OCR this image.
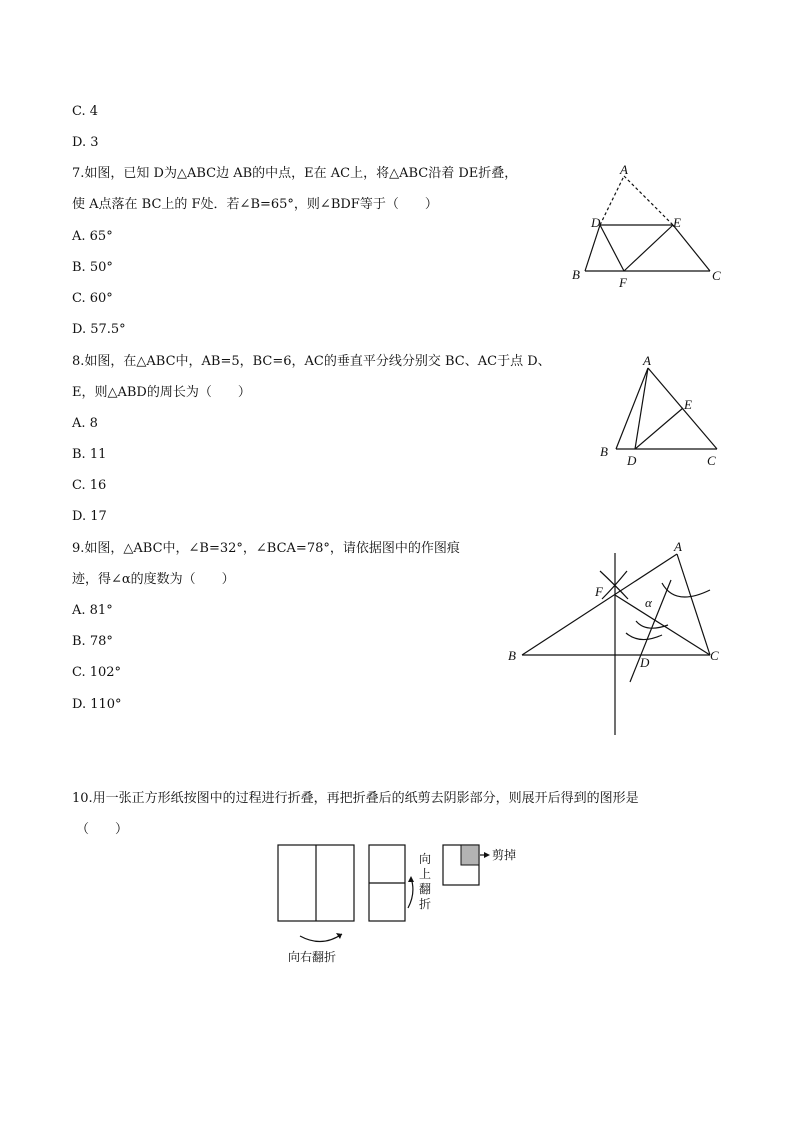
C. 4
D. 3
7.如图，已知 D为△ABC边 AB的中点，E在 AC上，将△ABC沿着 DE折叠，
使 A点落在 BC上的 F处．若∠B=65°，则∠BDF等于（　　）
A. 65°
B. 50°
C. 60°
D. 57.5°
A
D	E
B
F	C
8.如图，在△ABC中，AB=5，BC=6，AC的垂直平分线分别交 BC、AC于点 D、
E，则△ABD的周长为（　　）
A. 8
B. 11
C. 16
D. 17
A
E
B
D	C
9.如图，△ABC中，∠B=32°，∠BCA=78°，请依据图中的作图痕
迹，得∠α的度数为（　　）
A. 81°
B. 78°
C. 102°
D. 110°
A
F
α
B	C
D
10.用一张正方形纸按图中的过程进行折叠，再把折叠后的纸剪去阴影部分，则展开后得到的图形是
（　　）
向右翻折
向
上
翻
折
剪掉
